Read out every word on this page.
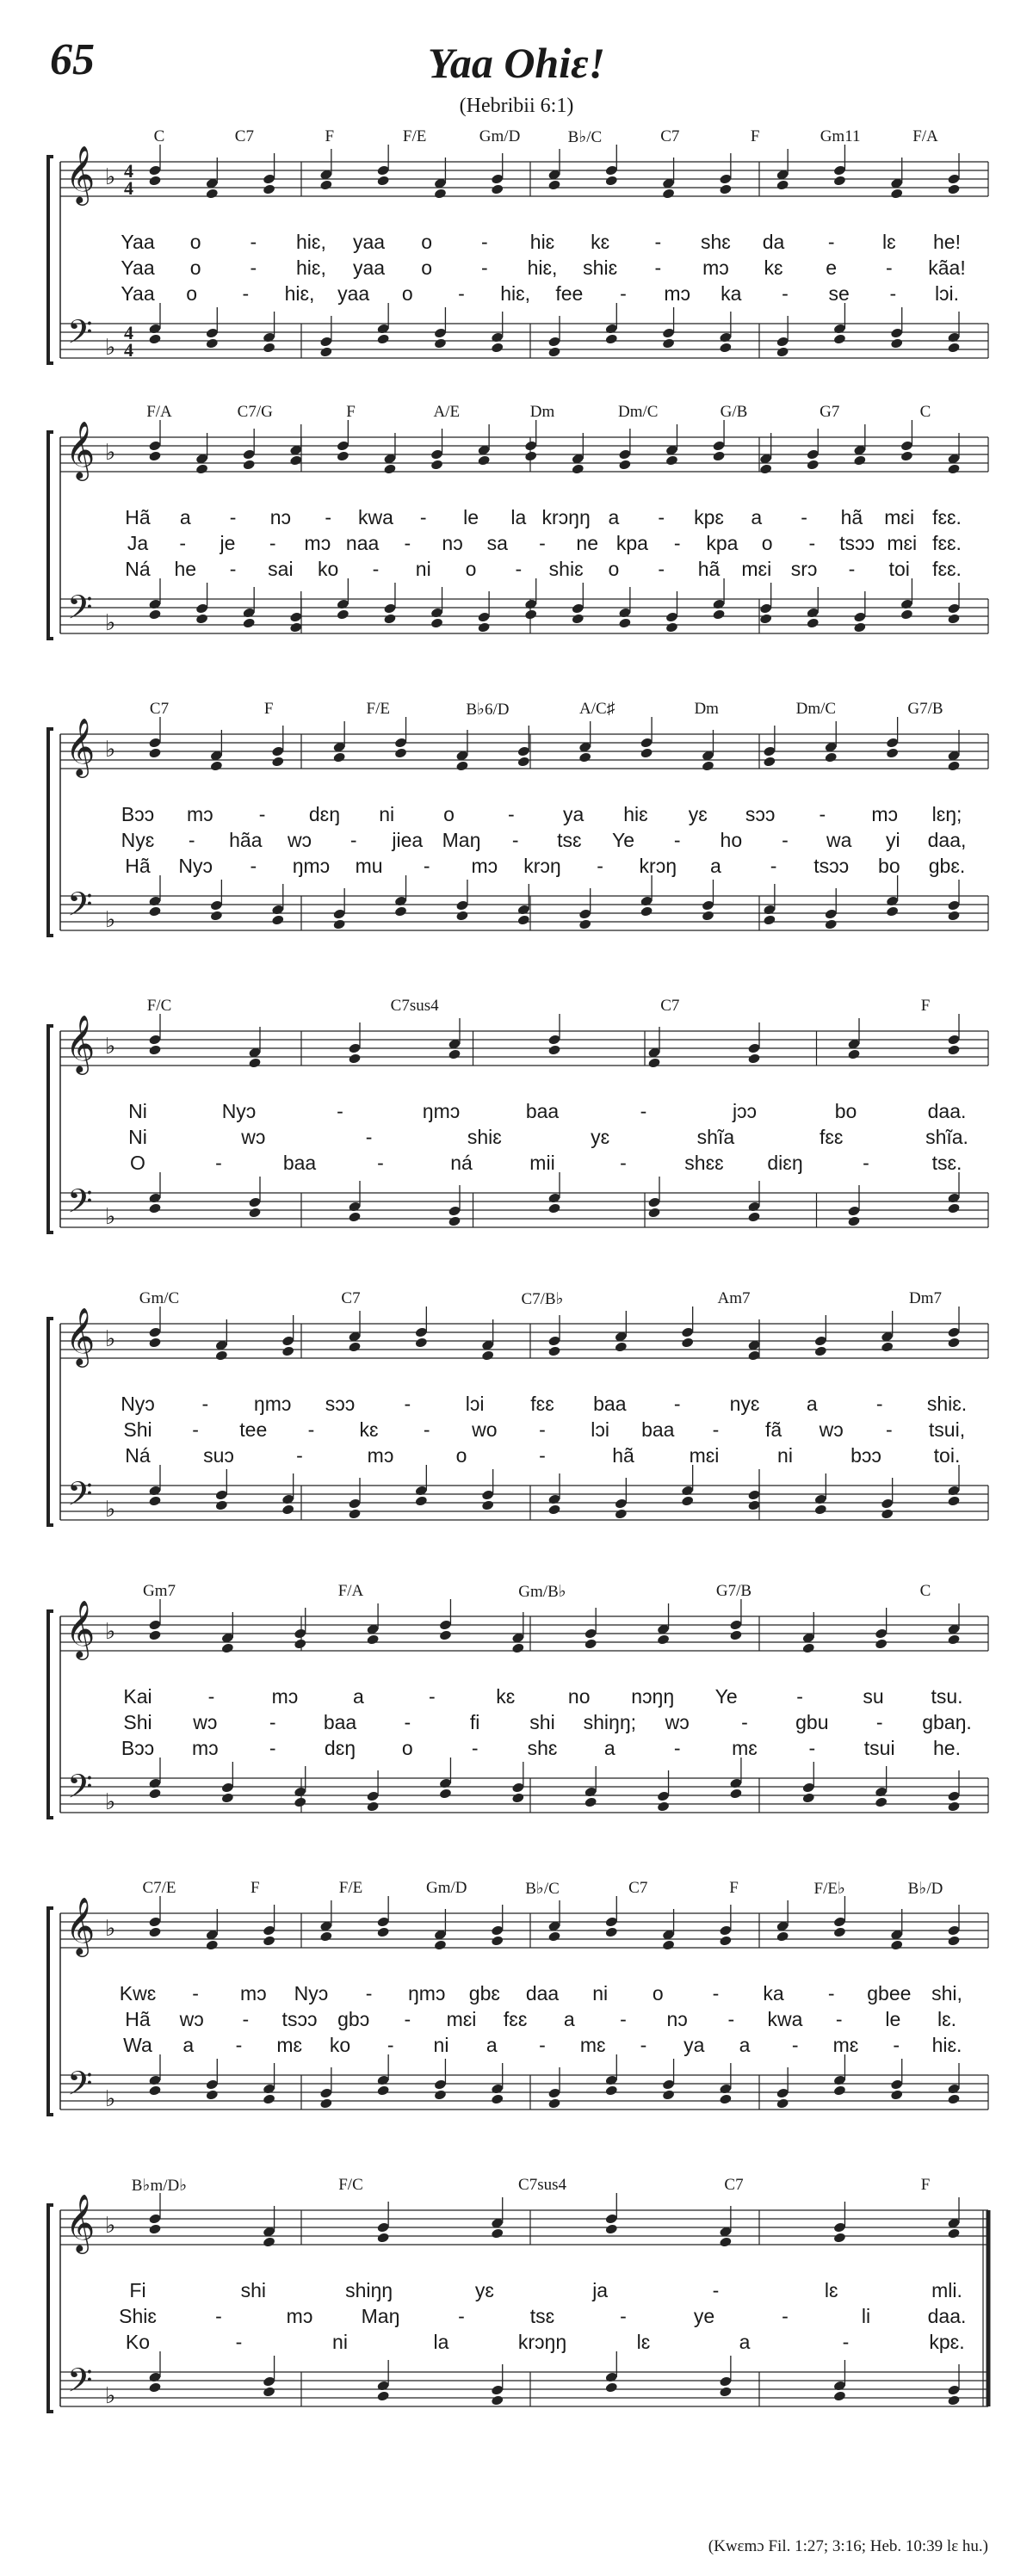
65	Yaa Ohiɛ!
(Hebribii 6:1)
𝄞
𝄢
♭
♭
4
4
4
4
C	C7	F	F/E	Gm/D	B♭/C	C7	F	Gm11	F/A
Yaa o - hiɛ, yaa o - hiɛ kɛ - shɛ da - lɛ he!
Yaa o - hiɛ, yaa o - hiɛ, shiɛ - mɔ kɛ e - kãa!
Yaa o - hiɛ, yaa o - hiɛ, fee - mɔ ka - se - lɔi.
𝄞
𝄢
♭
♭
F/A	C7/G	F	A/E	Dm	Dm/C	G/B	G7	C
Hã a - nɔ - kwa - le la krɔŋŋ a - kpɛ a - hã mɛi fɛɛ.
Ja - je - mɔ naa - nɔ sa - ne kpa - kpa o - tsɔɔ mɛi fɛɛ.
Ná he - sai ko - ni o - shiɛ o - hã mɛi srɔ - toi fɛɛ.
𝄞
𝄢
♭
♭
C7	F	F/E	B♭6/D	A/C♯	Dm	Dm/C	G7/B
Bɔɔ mɔ - dɛŋ ni o	- ya hiɛ yɛ sɔɔ - mɔ lɛŋ;
Nyɛ - hãa wɔ - jiea Maŋ - tsɛ Ye - ho - wa yi daa,
Hã Nyɔ - ŋmɔ mu - mɔ krɔŋ - krɔŋ a - tsɔɔ bo gbɛ.
𝄞
𝄢
♭
♭
F/C	C7sus4	C7	F
Ni	Nyɔ	-	ŋmɔ	baa	-	jɔɔ	bo	daa.
Ni	wɔ	-	shiɛ	yɛ	shĩa	fɛɛ	shĩa.
O	-	baa	-	ná	mii	-	shɛɛ diɛŋ	-	tsɛ.
𝄞
𝄢
♭
♭
Gm/C	C7	C7/B♭	Am7	Dm7
Nyɔ - ŋmɔ sɔɔ -	lɔi fɛɛ baa - nyɛ a	- shiɛ.
Shi - tee - kɛ - wo - lɔi baa - fã wɔ - tsui,
Ná	suɔ	-	mɔ	o	-	hã	mɛi	ni	bɔɔ	toi.
𝄞
𝄢
♭
♭
Gm7	F/A	Gm/B♭	G7/B	C
Kai	-	mɔ	a	-	kɛ	no nɔŋŋ Ye	-	su tsu.
Shi wɔ	- baa -	fi	shi shiŋŋ; wɔ	- gbu - gbaŋ.
Bɔɔ mɔ	- dɛŋ o	- shɛ a	-	mɛ	- tsui he.
𝄞
𝄢
♭
♭
C7/E	F	F/E	Gm/D	B♭/C	C7	F	F/E♭	B♭/D
Kwɛ - mɔ Nyɔ - ŋmɔ gbɛ daa ni o - ka - gbee shi,
Hã wɔ - tsɔɔ gbɔ - mɛi fɛɛ a - nɔ - kwa - le lɛ.
Wa a - mɛ ko - ni a - mɛ - ya a - mɛ - hiɛ.
𝄞
𝄢
♭
♭
B♭m/D♭	F/C	C7sus4	C7	F
Fi	shi	shiŋŋ	yɛ	ja	-	lɛ	mli.
Shiɛ	-	mɔ Maŋ	-	tsɛ	-	ye	-	li	daa.
Ko	-	ni	la	krɔŋŋ	lɛ	a	-	kpɛ.
(Kwɛmɔ Fil. 1:27; 3:16; Heb. 10:39 lɛ hu.)
